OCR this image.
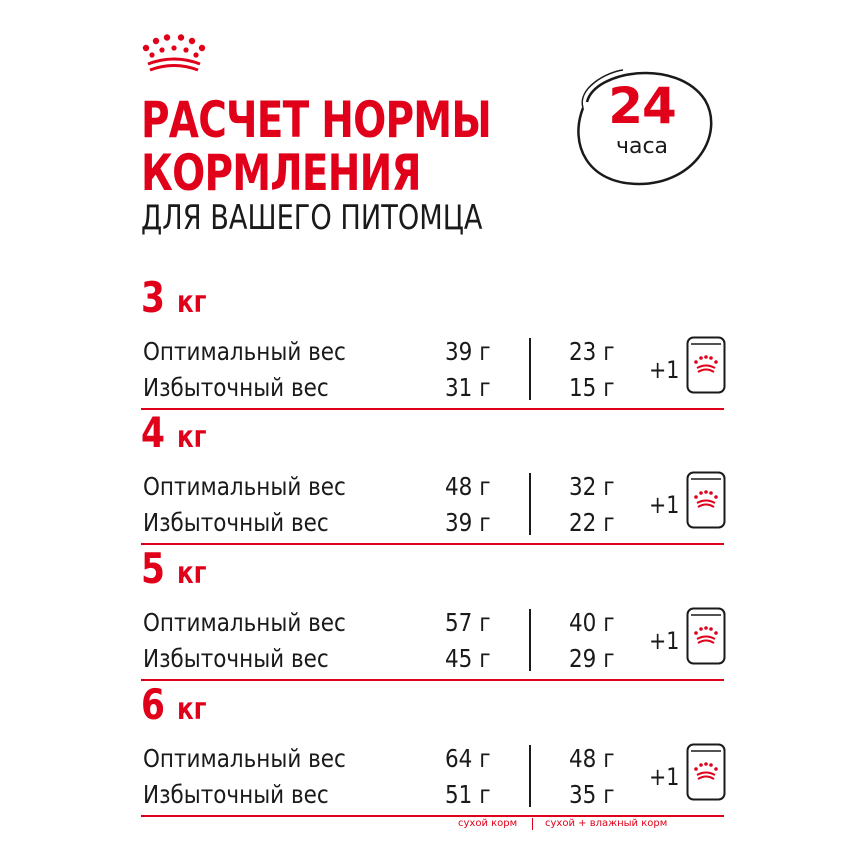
РАСЧЕТ НОРМЫ
КОРМЛЕНИЯ
ДЛЯ ВАШЕГО ПИТОМЦА
24
часа
3 кг
Оптимальный вес
Избыточный вес
39 г
31 г
23 г
15 г
+1
4 кг
Оптимальный вес
Избыточный вес
48 г
39 г
32 г
22 г
+1
5 кг
Оптимальный вес
Избыточный вес
57 г
45 г
40 г
29 г
+1
6 кг
Оптимальный вес
Избыточный вес
64 г
51 г
48 г
35 г
+1
сухой корм	сухой + влажный корм
